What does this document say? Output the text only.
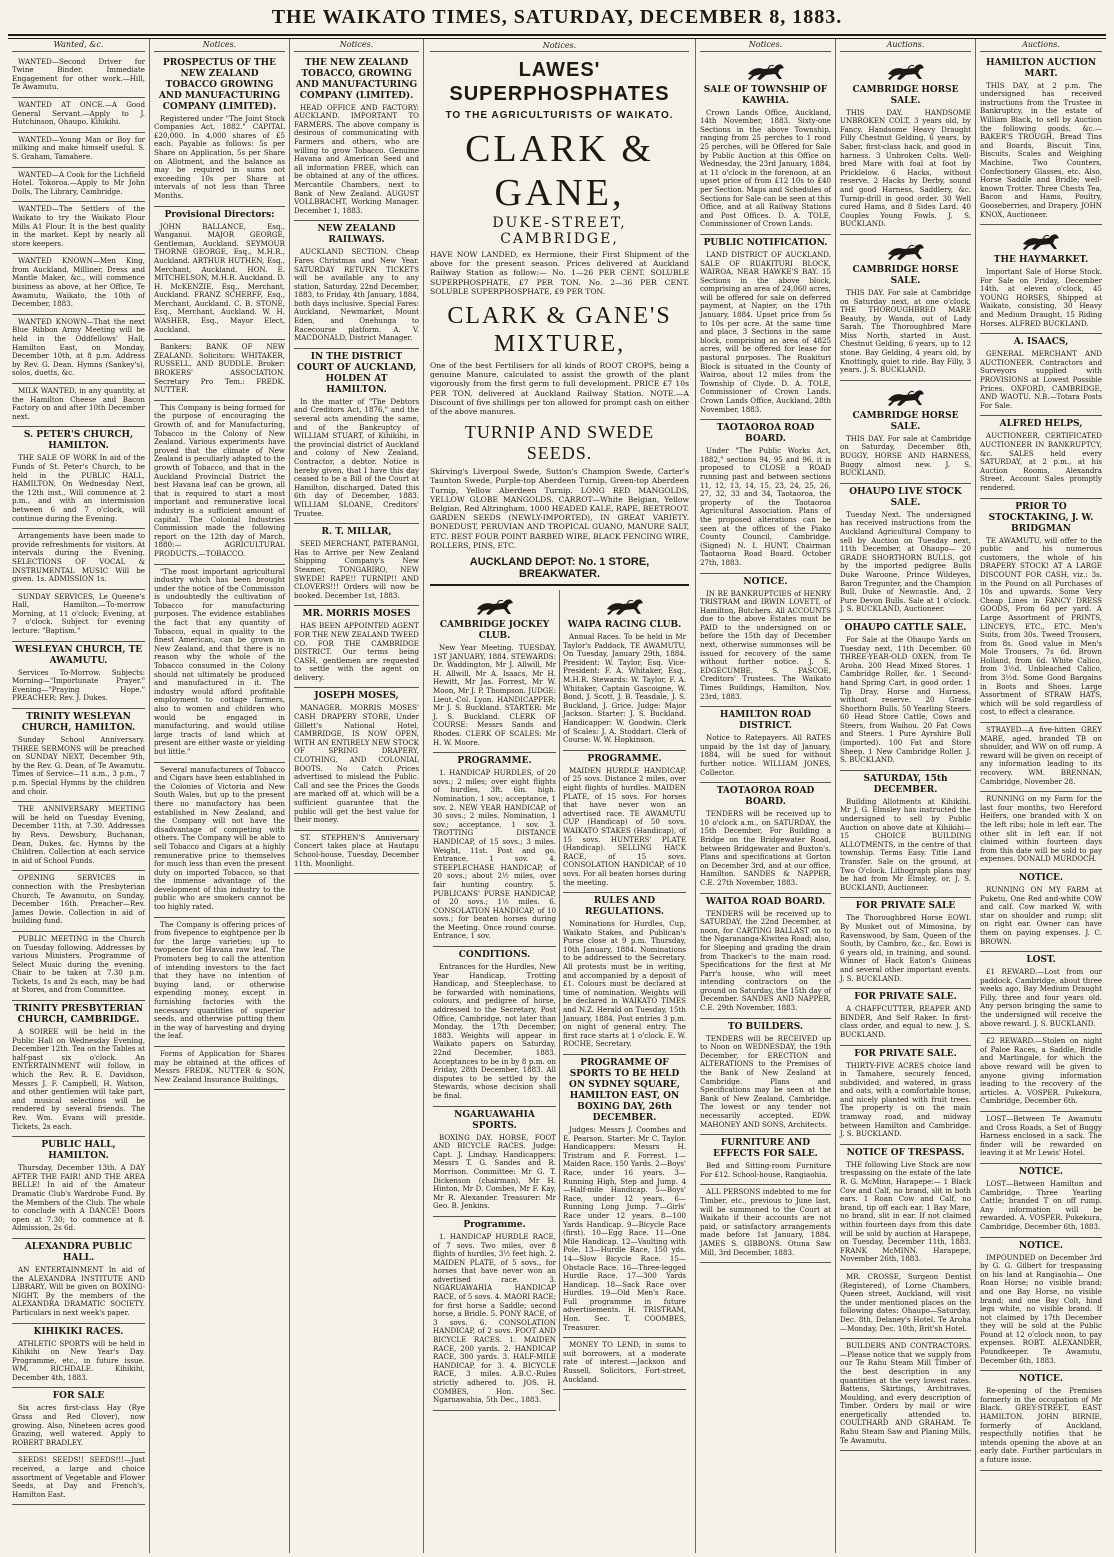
THE WAIKATO TIMES, SATURDAY, DECEMBER 8, 1883.
Wanted, &c.

WANTED—Second Driver for Twine Binder. Immediate Engagement for other work.—Hill, Te Awamutu.

WANTED AT ONCE.—A Good General Servant.—Apply to J. Hutchinson, Ohaupo, Kihikihi.

WANTED—Young Man or Boy for milking and make himself useful. S. S. Graham, Tamahere.

WANTED—A Cook for the Lichfield Hotel. Tokoroa.—Apply to Mr John Dolls, The Library, Cambridge.

WANTED—The Settlers of the Waikato to try the Waikato Flour Mills A1 Flour. It is the best quality in the market. Kept by nearly all store keepers.

WANTED KNOWN—Men King, from Auckland, Milliner, Dress and Mantle Maker, &c., will commence business as above, at her Office, Te Awamutu, Waikato, the 10th of December, 1883.

WANTED KNOWN—That the next Blue Ribbon Army Meeting will be held in the Oddfellows' Hall, Hamilton East, on Monday, December 10th, at 8 p.m. Address by Rev. G. Dean. Hymns (Sankey's), solos, duetts, &c.

MILK WANTED, in any quantity, at the Hamilton Cheese and Bacon Factory on and after 10th December next.

S. PETER'S CHURCH, HAMILTON.

THE SALE OF WORK In aid of the Funds of St. Peter's Church, to be held in the PUBLIC HALL, HAMILTON, On Wednesday Next, the 12th inst., Will commence at 2 p.m., and with an intermission between 6 and 7 o'clock, will continue during the Evening.

Arrangements have been made to provide refreshments for visitors. At intervals during the Evening, SELECTIONS OF VOCAL & INSTRUMENTAL MUSIC Will be given. 1s. ADMISSION 1s.

SUNDAY SERVICES, Le Queene's Hall, Hamilton.—To-morrow Morning, at 11 o'clock; Evening, at 7 o'clock. Subject for evening lecture: "Baptism."

WESLEYAN CHURCH, TE AWAMUTU.

Services To-Morrow. Subjects: Morning—"Importunate Prayer." Evening—"Praying Hope." PREACHER: Rev. J. Dukes.

TRINITY WESLEYAN CHURCH, HAMILTON.

Sunday School Anniversary. THREE SERMONS will be preached on SUNDAY NEXT, December 9th, by the Rev. G. Dean, of Te Awamutu. Times of Service—11 a.m., 3 p.m., 7 p.m. Special Hymns by the children and choir.

THE ANNIVERSARY MEETING will be held on Tuesday Evening, December 11th, at 7.30. Addresses by Revs. Dewsbury, Buchanan, Dean, Dukes, &c. Hymns by the Children. Collection at each service in aid of School Funds.

OPENING SERVICES in connection with the Presbyterian Church, Te Awamutu, on Sunday, December 16th. Preacher—Rev. James Dowie. Collection in aid of building fund.

PUBLIC MEETING in the Church on Tuesday following. Addresses by various Ministers. Programme of Select Music during the evening. Chair to be taken at 7.30 p.m. Tickets, 1s and 2s each, may be had at Stores, and from Committee.

TRINITY PRESBYTERIAN CHURCH, CAMBRIDGE.

A SOIREE will be held in the Public Hall on Wednesday Evening, December 12th. Tea on the Tables at half-past six o'clock. An ENTERTAINMENT will follow, in which the Rev. R. E. Davidson, Messrs J. F. Campbell, H. Watson, and other gentlemen will take part, and musical selections will be rendered by several friends. The Rev. Wm. Evans will preside. Tickets, 2s each.

PUBLIC HALL, HAMILTON.

Thursday, December 13th. A DAY AFTER THE FAIR! AND THE AREA BELLE! In aid of the Amateur Dramatic Club's Wardrobe Fund. By the Members of the Club. The whole to conclude with A DANCE! Doors open at 7.30; to commence at 8. Admission, 2s 6d.

ALEXANDRA PUBLIC HALL.

AN ENTERTAINMENT In aid of the ALEXANDRA INSTITUTE AND LIBRARY, Will be given on BOXING-NIGHT, By the members of the ALEXANDRA DRAMATIC SOCIETY. Particulars in next week's paper.

KIHIKIKI RACES.

ATHLETIC SPORTS will be held in Kihikihi on New Year's Day. Programme, etc., in future issue. WM. RICHDALE. Kihikihi, December 4th, 1883.

FOR SALE

Six acres first-class Hay (Rye Grass and Red Clover), now growing. Also, Nineteen acres good Grazing, well watered. Apply to ROBERT BRADLEY.

SEEDS! SEEDS!! SEEDS!!!—Just received, a large and choice assortment of Vegetable and Flower Seeds, at Day and French's, Hamilton East.

Notices.
PROSPECTUS OF THE NEW ZEALAND TOBACCO GROWING AND MANUFACTURING COMPANY (LIMITED).

Registered under "The Joint Stock Companies Act, 1882." CAPITAL £20,000. In 4,000 shares of £5 each. Payable as follows: 5s per Share on Application, 5s per Share on Allotment, and the balance as may be required in sums not exceeding 10s per Share at intervals of not less than Three Months.

Provisional Directors:

JOHN BALLANCE, Esq., Wanganui. MAJOR GEORGE, Gentleman, Auckland. SEYMOUR THORNE GEORGE, Esq., M.H.R., Auckland. ARTHUR HUTHEN, Esq., Merchant, Auckland. HON. E. MITCHELSON, M.H.R. Auckland. D. H. McKENZIE, Esq., Merchant, Auckland. FRANZ SCHERFF, Esq., Merchant, Auckland. C. B. STONE, Esq., Merchant, Auckland. W. H. WASHER, Esq., Mayor Elect, Auckland.

Bankers: BANK OF NEW ZEALAND. Solicitors: WHITAKER, RUSSELL, AND BUDDLE. Broker: BROKERS' ASSOCIATION. Secretary Pro Tem.: FREDK. NUTTER.

This Company is being formed for the purpose of encouraging the Growth of, and for Manufacturing, Tobacco in the Colony of New Zealand. Various experiments have proved that the climate of New Zealand is peculiarly adapted to the growth of Tobacco, and that in the Auckland Provincial District the best Havana leaf can be grown, all that is required to start a most important and remunerative local industry is a sufficient amount of capital. The Colonial Industries Commission made the following report on the 12th day of March, 1880:— AGRICULTURAL PRODUCTS.—TOBACCO.

"The most important agricultural industry which has been brought under the notice of the Commission is undoubtedly the cultivation of Tobacco for manufacturing purposes. The evidence establishes the fact that any quantity of Tobacco, equal in quality to the finest American, can be grown in New Zealand, and that there is no reason why the whole of the Tobacco consumed in the Colony should not ultimately be produced and manufactured in it. The industry would afford profitable employment to cottage farmers, also to women and children who would be engaged in manufacturing, and would utilise large tracts of land which at present are either waste or yielding but little."

Several manufacturers of Tobacco and Cigars have been established in the Colonies of Victoria and New South Wales, but up to the present there no manufactory has been established in New Zealand, and the Company will not have the disadvantage of competing with others. The Company will be able to sell Tobacco and Cigars at a highly remunerative price to themselves for much less than even the present duty on imported Tobacco, so that the immense advantage of the development of this industry to the public who are smokers cannot be too highly rated.

The Company is offering prices of from fivepence to eightpence per lb for the large varieties; up to twopence for Havana raw leaf. The Promoters beg to call the attention of intending investors to the fact that they have no intention of buying land, or otherwise expending money, except in furnishing factories with the necessary quantities of superior seeds, and otherwise putting them in the way of harvesting and drying the leaf.

Forms of Application for Shares may be obtained at the offices of Messrs FREDK. NUTTER & SON, New Zealand Insurance Buildings,

Notices.
THE NEW ZEALAND TOBACCO, GROWING AND MANUFACTURING COMPANY (LIMITED).

HEAD OFFICE AND FACTORY: AUCKLAND. IMPORTANT TO FARMERS. The above company is desirous of communicating with Farmers and others, who are willing to grow Tobacco. Genuine Havana and American Seed and all information FREE, which can be obtained at any of the offices. Mercantile Chambers, next to Bank of New Zealand. AUGUST VOLLBRACHT, Working Manager. December 1, 1883.

NEW ZEALAND RAILWAYS.

AUCKLAND SECTION. Cheap Fares Christmas and New Year. SATURDAY RETURN TICKETS will be available any to any station, Saturday, 22nd December, 1883, to Friday, 4th January, 1884, both days inclusive. Special Fares: Auckland, Newmarket, Mount Eden, and Onehunga to Racecourse platform. A. V. MACDONALD, District Manager.

IN THE DISTRICT COURT OF AUCKLAND, HOLDEN AT HAMILTON.

In the matter of "The Debtors and Creditors Act, 1876," and the several acts amending the same, and of the Bankruptcy of WILLIAM STUART, of Kihikihi, in the provincial district of Auckland and colony of New Zealand, Contractor, a debtor. Notice is hereby given, that I have this day ceased to be a Bill of the Court at Hamilton, discharged. Dated this 6th day of December, 1883. WILLIAM SLOANE, Creditors' Trustee.

R. T. MILLAR,

SEED MERCHANT, PATERANGI, Has to Arrive per New Zealand Shipping Company's New Steamer, TONGARIRO, NEW SWEDE! RAPE!! TURNIP!! AND CLOVERS!!! Orders will now be booked. December 1st, 1883.

MR. MORRIS MOSES

HAS BEEN APPOINTED AGENT FOR THE NEW ZEALAND TWEED CO. FOR THE CAMBRIDGE DISTRICT. Our terms being CASH, gentlemen are requested to settle with the agent on delivery.

JOSEPH MOSES,

MANAGER. MORRIS MOSES' CASH DRAPERY STORE, Under Gillett's National Hotel, CAMBRIDGE, IS NOW OPEN, WITH AN ENTIRELY NEW STOCK OF SPRING DRAPERY, CLOTHING, AND COLONIAL BOOTS. No Catch Prices advertised to mislead the Public. Call and see the Prices the Goods are marked off at, which will be a sufficient guarantee that the public will get the best value for their money.

ST. STEPHEN'S Anniversary Concert takes place at Hautapu School-house, Tuesday, December 11th. Moonlight.

Notices.
LAWES' SUPERPHOSPHATES
TO THE AGRICULTURISTS OF WAIKATO.
CLARK & GANE,
DUKE-STREET, CAMBRIDGE,
HAVE NOW LANDED, ex Hermione, their First Shipment of the above for the present season. Prices delivered at Auckland Railway Station as follow:— No. 1—26 PER CENT. SOLUBLE SUPERPHOSPHATE, £7 PER TON. No. 2—36 PER CENT. SOLUBLE SUPERPHOSPHATE, £9 PER TON.
CLARK & GANE'S MIXTURE,
One of the best Fertilisers for all kinds of ROOT CROPS, being a genuine Manure, calculated to assist the growth of the plant vigorously from the first germ to full development. PRICE £7 10s PER TON, delivered at Auckland Railway Station. NOTE.—A Discount of five shillings per ton allowed for prompt cash on either of the above manures.
TURNIP AND SWEDE SEEDS.
Skirving's Liverpool Swede, Sutton's Champion Swede, Carter's Taunton Swede, Purple-top Aberdeen Turnip, Green-top Aberdeen Turnip, Yellow Aberdeen Turnip. LONG RED MANGOLDS, YELLOW GLOBE MANGOLDS. CARROT—White Belgian, Yellow Belgian, Red Altringham. 1000 HEADED KALE, RAPE, BEETROOT. GARDEN SEEDS (NEWLY-IMPORTED), IN GREAT VARIETY. BONEDUST, PERUVIAN AND TROPICAL GUANO, MANURE SALT, ETC. BEST FOUR POINT BARBED WIRE, BLACK FENCING WIRE, ROLLERS, PINS, ETC.
AUCKLAND DEPOT: No. 1 STORE, BREAKWATER.
CAMBRIDGE JOCKEY CLUB.

New Year Meeting. TUESDAY, 1ST JANUARY, 1884. STEWARDS: Dr. Waddington, Mr J. Allwill, Mr H. Allwill, Mr A. Isaacs, Mr H. Hewitt, Mr Jas. Forrest, Mr W. Moon, Mr J. P. Thompson. JUDGE: Lieut.-Col. Lyon. HANDICAPPER: Mr J. S. Buckland. STARTER: Mr J. S. Buckland. CLERK OF COURSE: Messrs Sands and Rhodes. CLERK OF SCALES: Mr H. W. Moore.

PROGRAMME.

1. HANDICAP HURDLES, of 20 sovs.; 2 miles; over eight flights of hurdles, 3ft. 6in. high. Nomination, 1 sov.; acceptance, 1 sov. 2. NEW YEAR HANDICAP, of 30 sovs.; 2 miles. Nomination, 1 sov.; acceptance, 1 sov. 3. TROTTING DISTANCE HANDICAP, of 15 sovs.; 3 miles. Weight, 11st. Post and go. Entrance, 1 sov. 4. STEEPLECHASE HANDICAP, of 20 sovs.; about 2½ miles, over fair hunting country. 5. PUBLICANS' PURSE HANDICAP, of 20 sovs.; 1½ miles. 6. CONSOLATION HANDICAP, of 10 sovs.; for beaten horses during the Meeting. Once round course. Entrance, 1 sov.

CONDITIONS.

Entrances for the Hurdles, New Year Handicap, Trotting Handicap, and Steeplechase, to be forwarded with nominations, colours, and pedigree of horse, addressed to the Secretary, Post Office, Cambridge, not later than Monday, the 17th December, 1883. Weights will appear in Waikato papers on Saturday, 22nd December, 1883. Acceptances to be in by 8 p.m. on Friday, 28th December, 1883. All disputes to be settled by the Stewards, whose decision shall be final.

NGARUAWAHIA SPORTS.

BOXING DAY. HORSE, FOOT AND BICYCLE RACES. Judge: Capt. J. Lindsay. Handicappers: Messrs T. G. Sandes and R. Morrison. Committee: Mr G. T. Dickenson (chairman), Mr H. Hinton, Mr D. Combes, Mr F. Kay, Mr R. Alexander. Treasurer: Mr Geo. B. Jenkins.

Programme.

1. HANDICAP HURDLE RACE, of 7 sovs. Two miles, over 8 flights of hurdles, 3½ feet high. 2. MAIDEN PLATE, of 5 sovs., for horses that have never won an advertised race. 3. NGARUAWAHIA HANDICAP RACE, of 5 sovs. 4. MAORI RACE; for first horse a Saddle; second horse, a Bridle. 5. PONY RACE, of 3 sovs. 6. CONSOLATION HANDICAP, of 2 sovs. FOOT AND BICYCLE RACES. 1. MAIDEN RACE, 200 yards. 2. HANDICAP RACE, 300 yards. 3. HALF-MILE HANDICAP, for 3. 4. BICYCLE RACE, 3 miles. A.B.C.-Rules strictly adhered to. JOS. H. COMBES, Hon. Sec. Ngaruawahia, 5th Dec., 1883.

WAIPA RACING CLUB.

Annual Races. To be held in Mr Taylor's Paddock, TE AWAMUTU, On Tuesday, January 29th, 1884. President: W. Taylor, Esq. Vice-President: F. A. Whitaker, Esq., M.H.R. Stewards: W. Taylor, F. A. Whitaker, Captain Gascoigne, W. Bond, J. Scott, J. B. Teasdale, J. S. Buckland, J. Grice. Judge: Major Jackson. Starter: J. S. Buckland. Handicapper: W. Goodwin. Clerk of Scales: J. A. Stoddart. Clerk of Course: W. W. Hopkinson.

PROGRAMME.

MAIDEN HURDLE HANDICAP, of 25 sovs. Distance 2 miles, over eight flights of hurdles. MAIDEN PLATE, of 15 sovs. For horses that have never won an advertised race. TE AWAMUTU CUP (Handicap) of 50 sovs. WAIKATO STAKES (Handicap), of 15 sovs. HUNTERS' PLATE (Handicap). SELLING HACK RACE, of 15 sovs. CONSOLATION HANDICAP, of 10 sovs. For all beaten horses during the meeting.

RULES AND REGULATIONS.

Nominations for Hurdles, Cup, Waikato Stakes, and Publican's Purse close at 9 p.m. Thursday, 10th January, 1884. Nominations to be addressed to the Secretary. All protests must be in writing, and accompanied by a deposit of £1. Colours must be declared at time of nomination. Weights will be declared in WAIKATO TIMES and N.Z. Herald on Tuesday, 15th January, 1884. Post entries 3 p.m. on night of general entry. The first race starts at 1 o'clock. E. W. ROCHE, Secretary.

PROGRAMME OF SPORTS TO BE HELD ON SYDNEY SQUARE, HAMILTON EAST, ON BOXING DAY, 26th DECEMBER.

Judges: Messrs J. Coombes and E. Pearson. Starter: Mr C. Taylor. Handicappers: Messrs H. Tristram and F. Forrest. 1—Maiden Race, 150 Yards. 2—Boys' Race, under 16 years. 3—Running High, Step and Jump. 4—Half-mile Handicap. 5—Boys' Race, under 12 years. 6—Running Long Jump. 7—Girls' Race under 12 years. 8—100 Yards Handicap. 9—Bicycle Race (first). 10—Egg Race. 11—One Mile Handicap. 12—Vaulting with Pole. 13—Hurdle Race, 150 yds. 14—Slow Bicycle Race. 15—Obstacle Race. 16—Three-legged Hurdle Race. 17—300 Yards Handicap. 18—Sack Race over Hurdles. 19—Old Men's Race. Full programme in future advertisements. H. TRISTRAM, Hon. Sec. T. COOMBES, Treasurer.

MONEY TO LEND, in sums to suit borrowers, at a moderate rate of interest.—Jackson and Russell, Solicitors, Fort-street, Auckland.

Notices.
SALE OF TOWNSHIP OF KAWHIA.

Crown Lands Office, Auckland, 14th November, 1883. Sixty-one Sections in the above Township, ranging from 25 perches to 1 rood 25 perches, will be Offered for Sale by Public Auction at this Office on Wednesday, the 23rd January, 1884, at 11 o'clock in the forenoon, at an upset price of from £12 10s to £40 per Section. Maps and Schedules of Sections for Sale can be seen at this Office, and at all Railway Stations and Post Offices. D. A. TOLE, Commissioner of Crown Lands.

PUBLIC NOTIFICATION.

LAND DISTRICT OF AUCKLAND. SALE OF RUAKITURI BLOCK, WAIROA, NEAR HAWKE'S BAY. 15 Sections in the above block, comprising an area of 24,060 acres, will be offered for sale on deferred payment, at Napier, on the 17th January, 1884. Upset price from 5s to 10s per acre. At the same time and place, 3 Sections in the same block, comprising an area of 4825 acres, will be offered for lease for pastoral purposes. The Ruakituri Block is situated in the County of Wairoa, about 12 miles from the Township of Clyde. D. A. TOLE, Commissioner of Crown Lands. Crown Lands Office, Auckland, 28th November, 1883.

TAOTAOROA ROAD BOARD.

Under "The Public Works Act, 1882," sections 94, 95 and 96, it is proposed to CLOSE a ROAD running past and between sections 11, 12, 13, 14, 15, 23, 24, 25, 26, 27, 32, 33 and 34, Taotaoroa, the property of the Taotaoroa Agricultural Association. Plans of the proposed alterations can be seen at the offices of the Piako County Council, Cambridge. (Signed) N. I. HUNT, Chairman Taotaoroa Road Board. October 27th, 1883.

NOTICE.

IN RE BANKRUPTCIES of HENRY TRISTRAM and IRWIN LOVETT, of Hamilton, Butchers. All ACCOUNTS due to the above Estates must be PAID to the undersigned on or before the 15th day of December next, otherwise summonses will be issued for recovery of the same without further notice. J. S. EDGECUMBE, S. PASCOE, Creditors' Trustees. The Waikato Times Buildings, Hamilton, Nov. 23rd, 1883.

HAMILTON ROAD DISTRICT.

Notice to Ratepayers. All RATES unpaid by the 1st day of January, 1884, will be sued for without further notice. WILLIAM JONES, Collector.

TAOTAOROA ROAD BOARD.

TENDERS will be received up to 10 o'clock a.m., on SATURDAY, the 15th December, For Building a Bridge on the Bridgewater Road, between Bridgewater and Buxton's. Plans and specifications at Gorton on December 3rd, and at our office, Hamilton. SANDES & NAPPER, C.E. 27th November, 1883.

WAITOA ROAD BOARD.

TENDERS will be received up to SATURDAY, the 22nd December, at noon, for CARTING BALLAST on to the Ngarananga-Kiwitea Road; also, for Sleeping and grading the drain from Thacker's to the main road. Specifications for the first at Mr Parr's house, who will meet intending contractors on the ground on Saturday, the 15th day of December. SANDES AND NAPPER, C.E. 29th November, 1883.

TO BUILDERS.

TENDERS will be RECEIVED up to Noon on WEDNESDAY, the 19th December, for ERECTION and ALTERATIONS to the Premises of the Bank of New Zealand at Cambridge. Plans and Specifications may be seen at the Bank of New Zealand, Cambridge. The lowest or any tender not necessarily accepted. EDW. MAHONEY AND SONS, Architects.

FURNITURE AND EFFECTS FOR SALE.

Bed and Sitting-room Furniture For £12. School-house, Rangiaohia.

ALL PERSONS indebted to me for Timber, etc., previous to June last, will be summoned to the Court at Waikato if their accounts are not paid, or satisfactory arrangements made before 1st January, 1884. JAMES S. GIBBONS. Otuna Saw Mill, 3rd December, 1883.

Auctions.
CAMBRIDGE HORSE SALE.

THIS DAY. HANDSOME UNBROKEN COLT, 3 years old, by Fancy. Handsome Heavy Draught Filly Chestnut Gelding, 6 years, by Saber, first-class hack, and good in harness. 3 Unbroken Colts. Well-bred Mare with foal at foot by Pricklelow. 6 Hacks, without reserve. 2 Hacks by Derby, sound and good Harness, Saddlery, &c. Turnip-drill in good order. 30 Well cured Hams, and 8 Sides Lard. 40 Couples Young Fowls. J. S. BUCKLAND.

CAMBRIDGE HORSE SALE.

THIS DAY. For sale at Cambridge on Saturday next, at one o'clock, THE THOROUGHBRED MARE Beauty, by Wanda, out of Lady Sarah. The Thoroughbred Mare Miss North, started in Aust. Chestnut Gelding, 6 years, up to 12 stone. Bay Gelding, 4 years old, by Knottingly, quiet to ride. Bay Filly, 3 years. J. S. BUCKLAND.

CAMBRIDGE HORSE SALE.

THIS DAY. For sale at Cambridge on Saturday, December 8th, BUGGY, HORSE AND HARNESS, Buggy almost new. J. S. BUCKLAND.

OHAUPO LIVE STOCK SALE.

Tuesday Next. The undersigned has received instructions from the Auckland Agricultural Company to sell by Auction on Tuesday next, 11th December, at Ohaupo— 20 GRADE SHORTHORN BULLS, got by the imported pedigree Bulls Duke Waroone, Prince Wildeyes, Baron Tregunter, and the Champion Bull, Duke of Newcastle. And, 2 Pure Devon Bulls. Sale at 1 o'clock. J. S. BUCKLAND, Auctioneer.

OHAUPO CATTLE SALE.

For Sale at the Ohaupo Yards on Tuesday next, 11th December. 60 THREE-YEAR-OLD OXEN, from Te Aroha. 200 Head Mixed Stores. 1 Cambridge Roller, &c. 1 Second-hand Spring Cart, in good order. 1 Tip Dray, Horse and Harness, without reserve. 20 Grade Shorthorn Bulls. 50 Yearling Steers. 60 Head Store Cattle, Cows and Steers, from Waihou. 20 Fat Cows and Steers. 1 Pure Ayrshire Bull (imported). 100 Fat and Store Sheep. 1 New Cambridge Roller. J. S. BUCKLAND.

SATURDAY, 15th DECEMBER.

Building Allotments at Kihikihi. Mr J. G. Elmsley has instructed the undersigned to sell by Public Auction on above date at Kihikihi— 15 CHOICE BUILDING ALLOTMENTS, in the centre of that township. Terms Easy. Title Land Transfer. Sale on the ground, at Two O'clock. Lithograph plans may be had from Mr Elmsley, or, J. S. BUCKLAND, Auctioneer.

FOR PRIVATE SALE

The Thoroughbred Horse EOWI. By Musket out of Mimosina, by Ravenswood, by Sam, Queen of the South, by Cambro, &c., &c. Eowi is 6 years old, in training, and sound. Winner of Hack Eaton's Guineas and several other important events. J. S. BUCKLAND.

FOR PRIVATE SALE.

A CHAFFCUTTER, REAPER AND BINDER, And Self Raker. In first-class order, and equal to new. J. S. BUCKLAND.

FOR PRIVATE SALE.

THIRTY-FIVE ACRES choice land in Tamahere, securely fenced, subdivided, and watered, in grass and oats, with a comfortable house, and nicely planted with fruit trees. The property is on the main tramway road, and midway between Hamilton and Cambridge. J. S. BUCKLAND.

NOTICE OF TRESPASS.

THE following Live Stock are now trespassing on the estate of the late R. G. McMinn, Harapepe:— 1 Black Cow and Calf, no brand, slit in both ears. 1 Roan Cow and Calf, no brand, tip off each ear. 1 Bay Mare, no brand, slit in ear. If not claimed within fourteen days from this date will be sold by auction at Harapepe, on Tuesday, December 11th, 1883. FRANK McMINN. Harapepe, November 26th, 1883.

MR. CROSSE, Surgeon Dentist (Registered), of Lorne Chambers, Queen street, Auckland, will visit the under mentioned places on the following dates: Ohaupo—Saturday, Dec. 8th, Delaney's Hotel. Te Aroha—Monday, Dec. 10th, Brit'sh Hotel.

BUILDERS AND CONTRACTORS.—Please notice that we supply from our Te Rahu Steam Mill Timber of the best description in any quantities at the very lowest rates. Battens, Skirtings, Architraves, Moulding, and every description of Timber. Orders by mail or wire energetically attended to. COULTHARD AND GRAHAM. Te Rahu Steam Saw and Planing Mills, Te Awamutu.

Auctions.
HAMILTON AUCTION MART.

THIS DAY, at 2 p.m. The undersigned has received instructions from the Trustee in Bankruptcy, in the estate of William Black, to sell by Auction the following goods, &c.— BAKER'S TROUGH, Bread Tins and Boards, Biscuit Tins, Biscuits, Scales and Weighing Machine, Two Counters, Confectionery Glasses, etc. Also, Horse Saddle and Bridle; well-known Trotter. Three Chests Tea, Bacon and Hams, Poultry, Gooseberries, and Drapery. JOHN KNOX, Auctioneer.

THE HAYMARKET.

Important Sale of Horse Stock. For Sale on Friday, December 14th, at eleven o'clock, 45 YOUNG HORSES, Shipped at Waikato, consisting, 30 Heavy and Medium Draught, 15 Riding Horses. ALFRED BUCKLAND.

A. ISAACS,

GENERAL MERCHANT AND AUCTIONEER. Contractors and Surveyors supplied with PROVISIONS at Lowest Possible Prices. OXFORD, CAMBRIDGE, AND WAOTU. N.B.—Totara Posts For Sale.

ALFRED HELPS,

AUCTIONEER, CERTIFICATED AUCTIONEER IN BANKRUPTCY, &c. SALES held every SATURDAY, at 2 p.m., at his Auction Rooms, Alexandra Street. Account Sales promptly rendered.

PRIOR TO STOCKTAKING, J. W. BRIDGMAN

TE AWAMUTU, will offer to the public and his numerous customers, the whole of his DRAPERY STOCK! AT A LARGE DISCOUNT FOR CASH, viz.: 3s. in the Pound on all Purchases of 10s and upwards. Some Very Cheap Lines in FANCY DRESS GOODS, From 6d per yard. A Large Assortment of PRINTS, LINCEYS, ETC., ETC. Men's Suits, from 30s. Tweed Trousers, from 8s. Good value in Men's Mole Trousers, 7s 6d. Brown Holland, from 6d. White Calico, from 3½d. Unbleached Calico, from 3½d. Some Good Bargains in Boots and Shoes. Large Assortment of STRAW HATS, which will be sold regardless of cost, to effect a clearance.

STRAYED—A five-hitten GREY MARE, aged, branded TB on shoulder, and WW on off rump. A reward will be given on receipt of any information leading to its recovery. WM. BRENNAN, Cambridge, November 28.

RUNNING on my Farm for the last four months, two Hereford Heifers, one branded with X on the left ribs; hole in left ear. The other slit in left ear. If not claimed within fourteen days from this date will be sold to pay expenses. DONALD MURDOCH.

NOTICE.

RUNNING ON MY FARM at Puketu, One Red and-white COW and calf. Cow marked W, with star on shoulder and rump; slit on right ear. Owner can have them on paying expenses. J. C. BROWN.

LOST.

£1 REWARD.—Lost from our paddock, Cambridge, about three weeks ago, Bay Medium Draught Filly, three and four years old. Any person bringing the same to the undersigned will receive the above reward. J. S. BUCKLAND.

£2 REWARD.—Stolen on night of Paloe Races, a Saddle, Bridle and Martingale, for which the above reward will be given to anyone giving information leading to the recovery of the articles. A. VOSPER. Pukekura, Cambridge, December 6th.

LOST—Between Te Awamutu and Cross Roads, a Set of Buggy Harness enclosed in a sack. The finder will be rewarded on leaving it at Mr Lewis' Hotel.

NOTICE.

LOST—Between Hamilton and Cambridge, Three Yearling Cattle; branded T on off rump. Any information will be rewarded. A. VOSPER. Pukekura, Cambridge, December 6th, 1883.

NOTICE.

IMPOUNDED on December 3rd by G. G. Gilbert for trespassing on his land at Rangiaohia— One Roan Horse; no visible brand; and one Bay Horse, no visible brand; and one Bay Colt, hind legs white, no visible brand. If not claimed by 17th December they will be sold at the Public Pound at 12 o'clock noon, to pay expenses. ROBT. ALEXANDER, Poundkeeper. Te Awamutu, December 6th, 1883.

NOTICE.

Re-opening of the Premises formerly in the occupation of Mr Black. GREY-STREET, EAST HAMILTON. JOHN BIRNIE, formerly of Auckland, respectfully notifies that he intends opening the above at an early date. Further particulars in a future issue.
